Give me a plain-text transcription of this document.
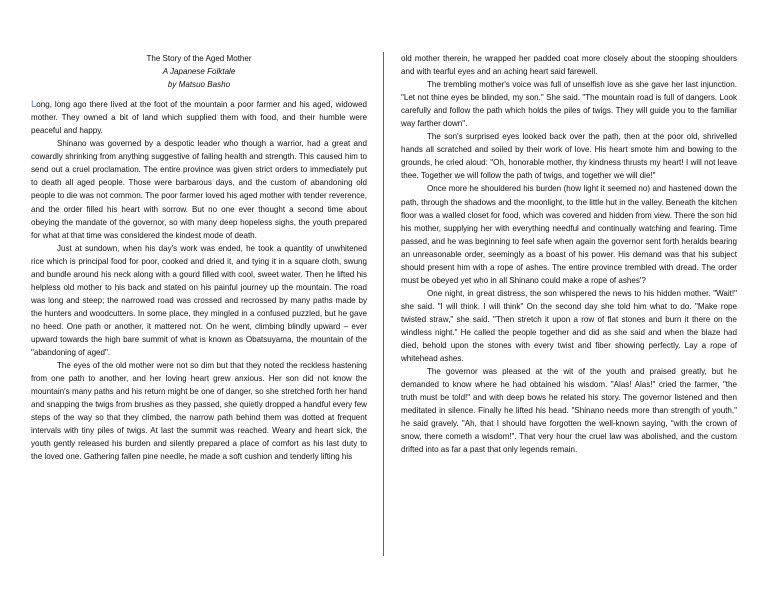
The Story of the Aged Mother
A Japanese Folktale
by Matsuo Basho

Long, long ago there lived at the foot of the mountain a poor farmer and his aged, widowed mother. They owned a bit of land which supplied them with food, and their humble were peaceful and happy.

Shinano was governed by a despotic leader who though a warrior, had a great and cowardly shrinking from anything suggestive of failing health and strength. This caused him to send out a cruel proclamation. The entire province was given strict orders to immediately put to death all aged people. Those were barbarous days, and the custom of abandoning old people to die was not common. The poor farmer loved his aged mother with tender reverence, and the order filled his heart with sorrow. But no one ever thought a second time about obeying the mandate of the governor, so with many deep hopeless sighs, the youth prepared for what at that time was considered the kindest mode of death.

Just at sundown, when his day's work was ended, he took a quantity of unwhitened rice which is principal food for poor, cooked and dried it, and tying it in a square cloth, swung and bundle around his neck along with a gourd filled with cool, sweet water. Then he lifted his helpless old mother to his back and stated on his painful journey up the mountain. The road was long and steep; the narrowed road was crossed and recrossed by many paths made by the hunters and woodcutters. In some place, they mingled in a confused puzzled, but he gave no heed. One path or another, it mattered not. On he went, climbing blindly upward – ever upward towards the high bare summit of what is known as Obatsuyama, the mountain of the "abandoning of aged".

The eyes of the old mother were not so dim but that they noted the reckless hastening from one path to another, and her loving heart grew anxious. Her son did not know the mountain's many paths and his return might be one of danger, so she stretched forth her hand and snapping the twigs from brushes as they passed, she quietly dropped a handful every few steps of the way so that they climbed, the narrow path behind them was dotted at frequent intervals with tiny piles of twigs. At last the summit was reached. Weary and heart sick, the youth gently released his burden and silently prepared a place of comfort as his last duty to the loved one. Gathering fallen pine needle, he made a soft cushion and tenderly lifting his

old mother therein, he wrapped her padded coat more closely about the stooping shoulders and with tearful eyes and an aching heart said farewell.

The trembling mother's voice was full of unselfish love as she gave her last injunction. "Let not thine eyes be blinded, my son." She said. "The mountain road is full of dangers. Look carefully and follow the path which holds the piles of twigs. They will guide you to the familiar way farther down".

The son's surprised eyes looked back over the path, then at the poor old, shrivelled hands all scratched and soiled by their work of love. His heart smote him and bowing to the grounds, he cried aloud: "Oh, honorable mother, thy kindness thrusts my heart! I will not leave thee. Together we will follow the path of twigs, and together we will die!"

Once more he shouldered his burden (how light it seemed no) and hastened down the path, through the shadows and the moonlight, to the little hut in the valley. Beneath the kitchen floor was a walled closet for food, which was covered and hidden from view. There the son hid his mother, supplying her with everything needful and continually watching and fearing. Time passed, and he was beginning to feel safe when again the governor sent forth heralds bearing an unreasonable order, seemingly as a boast of his power. His demand was that his subject should present him with a rope of ashes. The entire province trembled with dread. The order must be obeyed yet who in all Shinano could make a rope of ashes'?

One night, in great distress, the son whispered the news to his hidden mother. "Wait!" she said. "I will think. I will think" On the second day she told him what to do. "Make rope twisted straw," she said. "Then stretch it upon a row of flat stones and burn it there on the windless night." He called the people together and did as she said and when the blaze had died, behold upon the stones with every twist and fiber showing perfectly. Lay a rope of whitehead ashes.

The governor was pleased at the wit of the youth and praised greatly, but he demanded to know where he had obtained his wisdom. "Alas! Alas!" cried the farmer, "the truth must be told!" and with deep bows he related his story. The governor listened and then meditated in silence. Finally he lifted his head. "Shinano needs more than strength of youth," he said gravely. "Ah, that I should have forgotten the well-known saying, "with the crown of snow, there cometh a wisdom!". That very hour the cruel law was abolished, and the custom drifted into as far a past that only legends remain.
